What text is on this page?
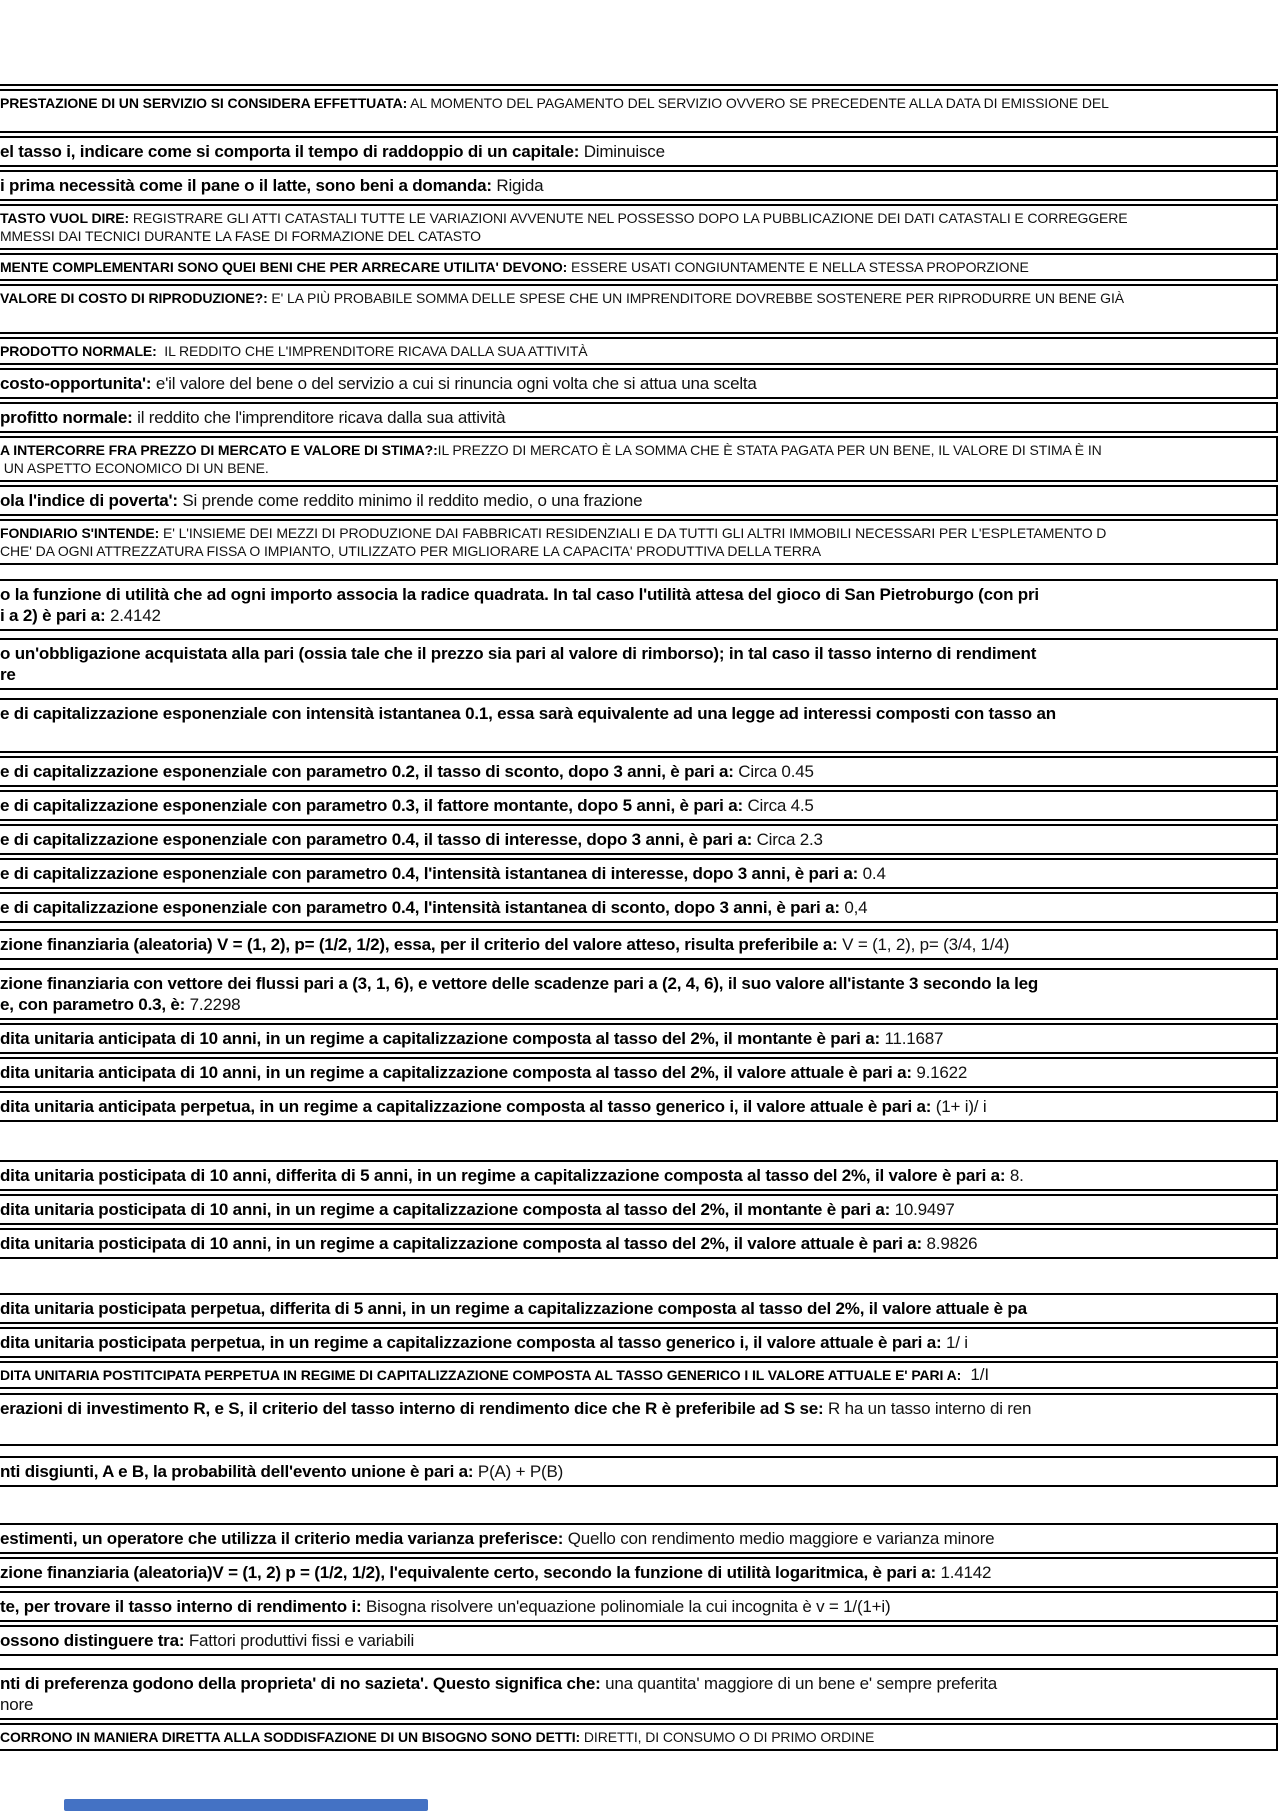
PRESTAZIONE DI UN SERVIZIO SI CONSIDERA EFFETTUATA: AL MOMENTO DEL PAGAMENTO DEL SERVIZIO OVVERO SE PRECEDENTE ALLA DATA DI EMISSIONE DEL
el tasso i, indicare come si comporta il tempo di raddoppio di un capitale: Diminuisce
i prima necessità come il pane o il latte, sono beni a domanda: Rigida
TASTO VUOL DIRE: REGISTRARE GLI ATTI CATASTALI TUTTE LE VARIAZIONI AVVENUTE NEL POSSESSO DOPO LA PUBBLICAZIONE DEI DATI CATASTALI E CORREGGERE
MMESSI DAI TECNICI DURANTE LA FASE DI FORMAZIONE DEL CATASTO
MENTE COMPLEMENTARI SONO QUEI BENI CHE PER ARRECARE UTILITA' DEVONO: ESSERE USATI CONGIUNTAMENTE E NELLA STESSA PROPORZIONE
VALORE DI COSTO DI RIPRODUZIONE?: E' LA PIÙ PROBABILE SOMMA DELLE SPESE CHE UN IMPRENDITORE DOVREBBE SOSTENERE PER RIPRODURRE UN BENE GIÀ
PRODOTTO NORMALE:  IL REDDITO CHE L'IMPRENDITORE RICAVA DALLA SUA ATTIVITÀ
costo-opportunita': e'il valore del bene o del servizio a cui si rinuncia ogni volta che si attua una scelta
profitto normale: il reddito che l'imprenditore ricava dalla sua attività
A INTERCORRE FRA PREZZO DI MERCATO E VALORE DI STIMA?:IL PREZZO DI MERCATO È LA SOMMA CHE È STATA PAGATA PER UN BENE, IL VALORE DI STIMA È IN
UN ASPETTO ECONOMICO DI UN BENE.
ola l'indice di poverta': Si prende come reddito minimo il reddito medio, o una frazione
FONDIARIO S'INTENDE: E' L'INSIEME DEI MEZZI DI PRODUZIONE DAI FABBRICATI RESIDENZIALI E DA TUTTI GLI ALTRI IMMOBILI NECESSARI PER L'ESPLETAMENTO D
CHE' DA OGNI ATTREZZATURA FISSA O IMPIANTO, UTILIZZATO PER MIGLIORARE LA CAPACITA' PRODUTTIVA DELLA TERRA
o la funzione di utilità che ad ogni importo associa la radice quadrata. In tal caso l'utilità attesa del gioco di San Pietroburgo (con pri
i a 2) è pari a: 2.4142
o un'obbligazione acquistata alla pari (ossia tale che il prezzo sia pari al valore di rimborso); in tal caso il tasso interno di rendiment
re
e di capitalizzazione esponenziale con intensità istantanea 0.1, essa sarà equivalente ad una legge ad interessi composti con tasso an
e di capitalizzazione esponenziale con parametro 0.2, il tasso di sconto, dopo 3 anni, è pari a: Circa 0.45
e di capitalizzazione esponenziale con parametro 0.3, il fattore montante, dopo 5 anni, è pari a: Circa 4.5
e di capitalizzazione esponenziale con parametro 0.4, il tasso di interesse, dopo 3 anni, è pari a: Circa 2.3
e di capitalizzazione esponenziale con parametro 0.4, l'intensità istantanea di interesse, dopo 3 anni, è pari a: 0.4
e di capitalizzazione esponenziale con parametro 0.4, l'intensità istantanea di sconto, dopo 3 anni, è pari a: 0,4
zione finanziaria (aleatoria) V = (1, 2), p= (1/2, 1/2), essa, per il criterio del valore atteso, risulta preferibile a: V = (1, 2), p= (3/4, 1/4)
zione finanziaria con vettore dei flussi pari a (3, 1, 6), e vettore delle scadenze pari a (2, 4, 6), il suo valore all'istante 3 secondo la leg
e, con parametro 0.3, è: 7.2298
dita unitaria anticipata di 10 anni, in un regime a capitalizzazione composta al tasso del 2%, il montante è pari a: 11.1687
dita unitaria anticipata di 10 anni, in un regime a capitalizzazione composta al tasso del 2%, il valore attuale è pari a: 9.1622
dita unitaria anticipata perpetua, in un regime a capitalizzazione composta al tasso generico i, il valore attuale è pari a: (1+ i)/ i
dita unitaria posticipata di 10 anni, differita di 5 anni, in un regime a capitalizzazione composta al tasso del 2%, il valore è pari a: 8.
dita unitaria posticipata di 10 anni, in un regime a capitalizzazione composta al tasso del 2%, il montante è pari a: 10.9497
dita unitaria posticipata di 10 anni, in un regime a capitalizzazione composta al tasso del 2%, il valore attuale è pari a: 8.9826
dita unitaria posticipata perpetua, differita di 5 anni, in un regime a capitalizzazione composta al tasso del 2%, il valore attuale è pa
dita unitaria posticipata perpetua, in un regime a capitalizzazione composta al tasso generico i, il valore attuale è pari a: 1/ i
DITA UNITARIA POSTITCIPATA PERPETUA IN REGIME DI CAPITALIZZAZIONE COMPOSTA AL TASSO GENERICO I IL VALORE ATTUALE E' PARI A:  1/I
erazioni di investimento R, e S, il criterio del tasso interno di rendimento dice che R è preferibile ad S se: R ha un tasso interno di ren
nti disgiunti, A e B, la probabilità dell'evento unione è pari a: P(A) + P(B)
estimenti, un operatore che utilizza il criterio media varianza preferisce: Quello con rendimento medio maggiore e varianza minore
zione finanziaria (aleatoria)V = (1, 2) p = (1/2, 1/2), l'equivalente certo, secondo la funzione di utilità logaritmica, è pari a: 1.4142
te, per trovare il tasso interno di rendimento i: Bisogna risolvere un'equazione polinomiale la cui incognita è v = 1/(1+i)
ossono distinguere tra: Fattori produttivi fissi e variabili
nti di preferenza godono della proprieta' di no sazieta'. Questo significa che: una quantita' maggiore di un bene e' sempre preferita
nore
CORRONO IN MANIERA DIRETTA ALLA SODDISFAZIONE DI UN BISOGNO SONO DETTI: DIRETTI, DI CONSUMO O DI PRIMO ORDINE
